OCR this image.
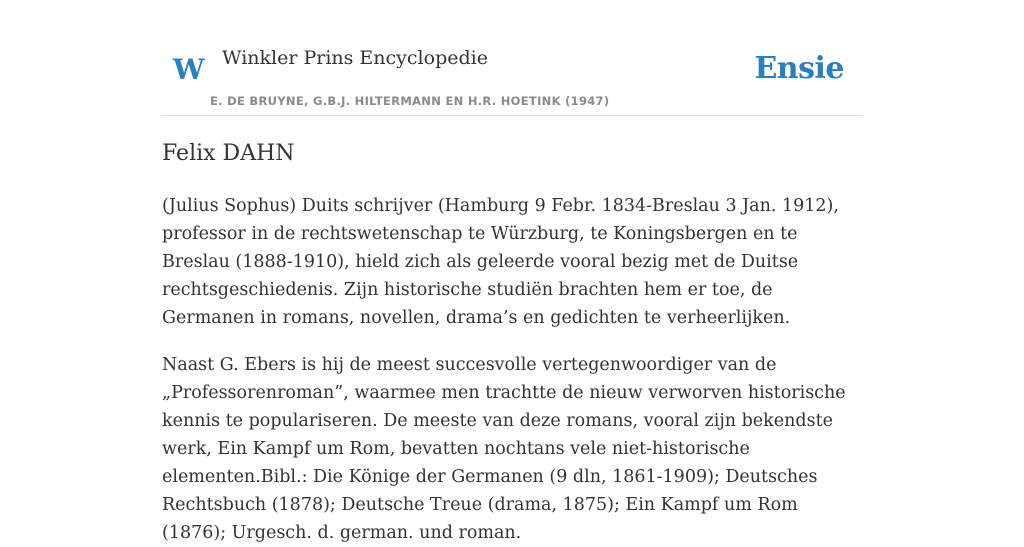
W Winkler Prins Encyclopedie
E. DE BRUYNE, G.B.J. HILTERMANN EN H.R. HOETINK (1947)
Ensie
Felix DAHN

(Julius Sophus) Duits schrijver (Hamburg 9 Febr. 1834-Breslau 3 Jan. 1912), professor in de rechtswetenschap te Würzburg, te Koningsbergen en te Breslau (1888-1910), hield zich als geleerde vooral bezig met de Duitse rechtsgeschiedenis. Zijn historische studiën brachten hem er toe, de Germanen in romans, novellen, drama’s en gedichten te verheerlijken.

Naast G. Ebers is hij de meest succesvolle vertegenwoordiger van de „Professorenroman”, waarmee men trachtte de nieuw verworven historische kennis te populariseren. De meeste van deze romans, vooral zijn bekendste werk, Ein Kampf um Rom, bevatten nochtans vele niet-historische elementen.Bibl.: Die Könige der Germanen (9 dln, 1861-1909); Deutsches Rechtsbuch (1878); Deutsche Treue (drama, 1875); Ein Kampf um Rom (1876); Urgesch. d. german. und roman.
